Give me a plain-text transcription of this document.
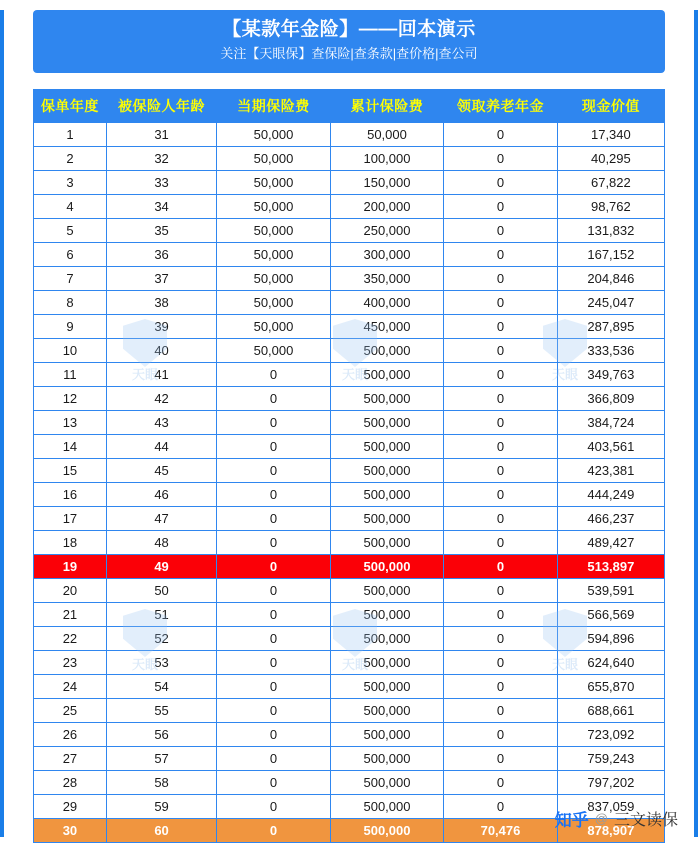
【某款年金险】——回本演示
关注【天眼保】查保险|查条款|查价格|查公司
天眼	天眼	天眼
天眼	天眼	天眼
保单年度	被保险人年龄	当期保险费	累计保险费	领取养老年金	现金价值
1	31	50,000	50,000	0	17,340
2	32	50,000	100,000	0	40,295
3	33	50,000	150,000	0	67,822
4	34	50,000	200,000	0	98,762
5	35	50,000	250,000	0	131,832
6	36	50,000	300,000	0	167,152
7	37	50,000	350,000	0	204,846
8	38	50,000	400,000	0	245,047
9	39	50,000	450,000	0	287,895
10	40	50,000	500,000	0	333,536
11	41	0	500,000	0	349,763
12	42	0	500,000	0	366,809
13	43	0	500,000	0	384,724
14	44	0	500,000	0	403,561
15	45	0	500,000	0	423,381
16	46	0	500,000	0	444,249
17	47	0	500,000	0	466,237
18	48	0	500,000	0	489,427
19	49	0	500,000	0	513,897
20	50	0	500,000	0	539,591
21	51	0	500,000	0	566,569
22	52	0	500,000	0	594,896
23	53	0	500,000	0	624,640
24	54	0	500,000	0	655,870
25	55	0	500,000	0	688,661
26	56	0	500,000	0	723,092
27	57	0	500,000	0	759,243
28	58	0	500,000	0	797,202
29	59	0	500,000	0	837,059
30	60	0	500,000	70,476	878,907
知乎 @ 三文读保
